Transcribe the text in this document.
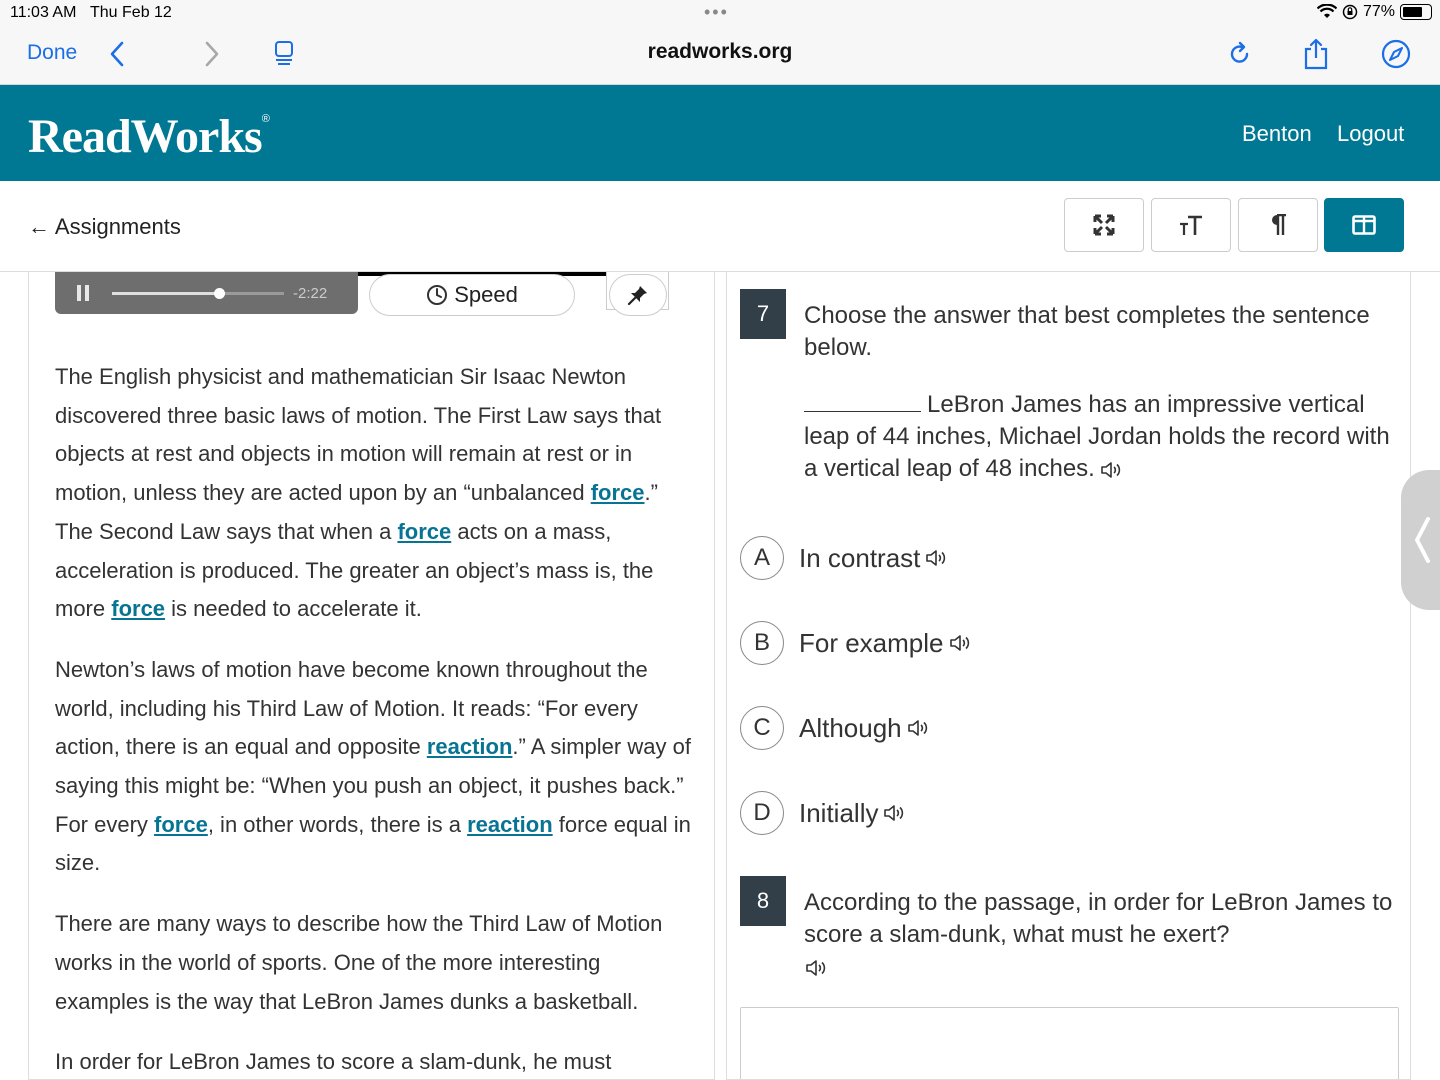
11:03 AM Thu Feb 12	•••	77%
Done	readworks.org
ReadWorks®
Benton Logout
← Assignments
-2:22	Speed

The English physicist and mathematician Sir Isaac Newton discovered three basic laws of motion. The First Law says that objects at rest and objects in motion will remain at rest or in motion, unless they are acted upon by an “unbalanced force.” The Second Law says that when a force acts on a mass, acceleration is produced. The greater an object’s mass is, the more force is needed to accelerate it.

Newton’s laws of motion have become known throughout the world, including his Third Law of Motion. It reads: “For every action, there is an equal and opposite reaction.” A simpler way of saying this might be: “When you push an object, it pushes back.” For every force, in other words, there is a reaction force equal in size.

There are many ways to describe how the Third Law of Motion works in the world of sports. One of the more interesting examples is the way that LeBron James dunks a basketball.

In order for LeBron James to score a slam-dunk, he must

7	Choose the answer that best completes the sentence below.
LeBron James has an impressive vertical leap of 44 inches, Michael Jordan holds the record with a vertical leap of 48 inches.
A	In contrast
B	For example
C	Although
D	Initially
8	According to the passage, in order for LeBron James to score a slam-dunk, what must he exert?
